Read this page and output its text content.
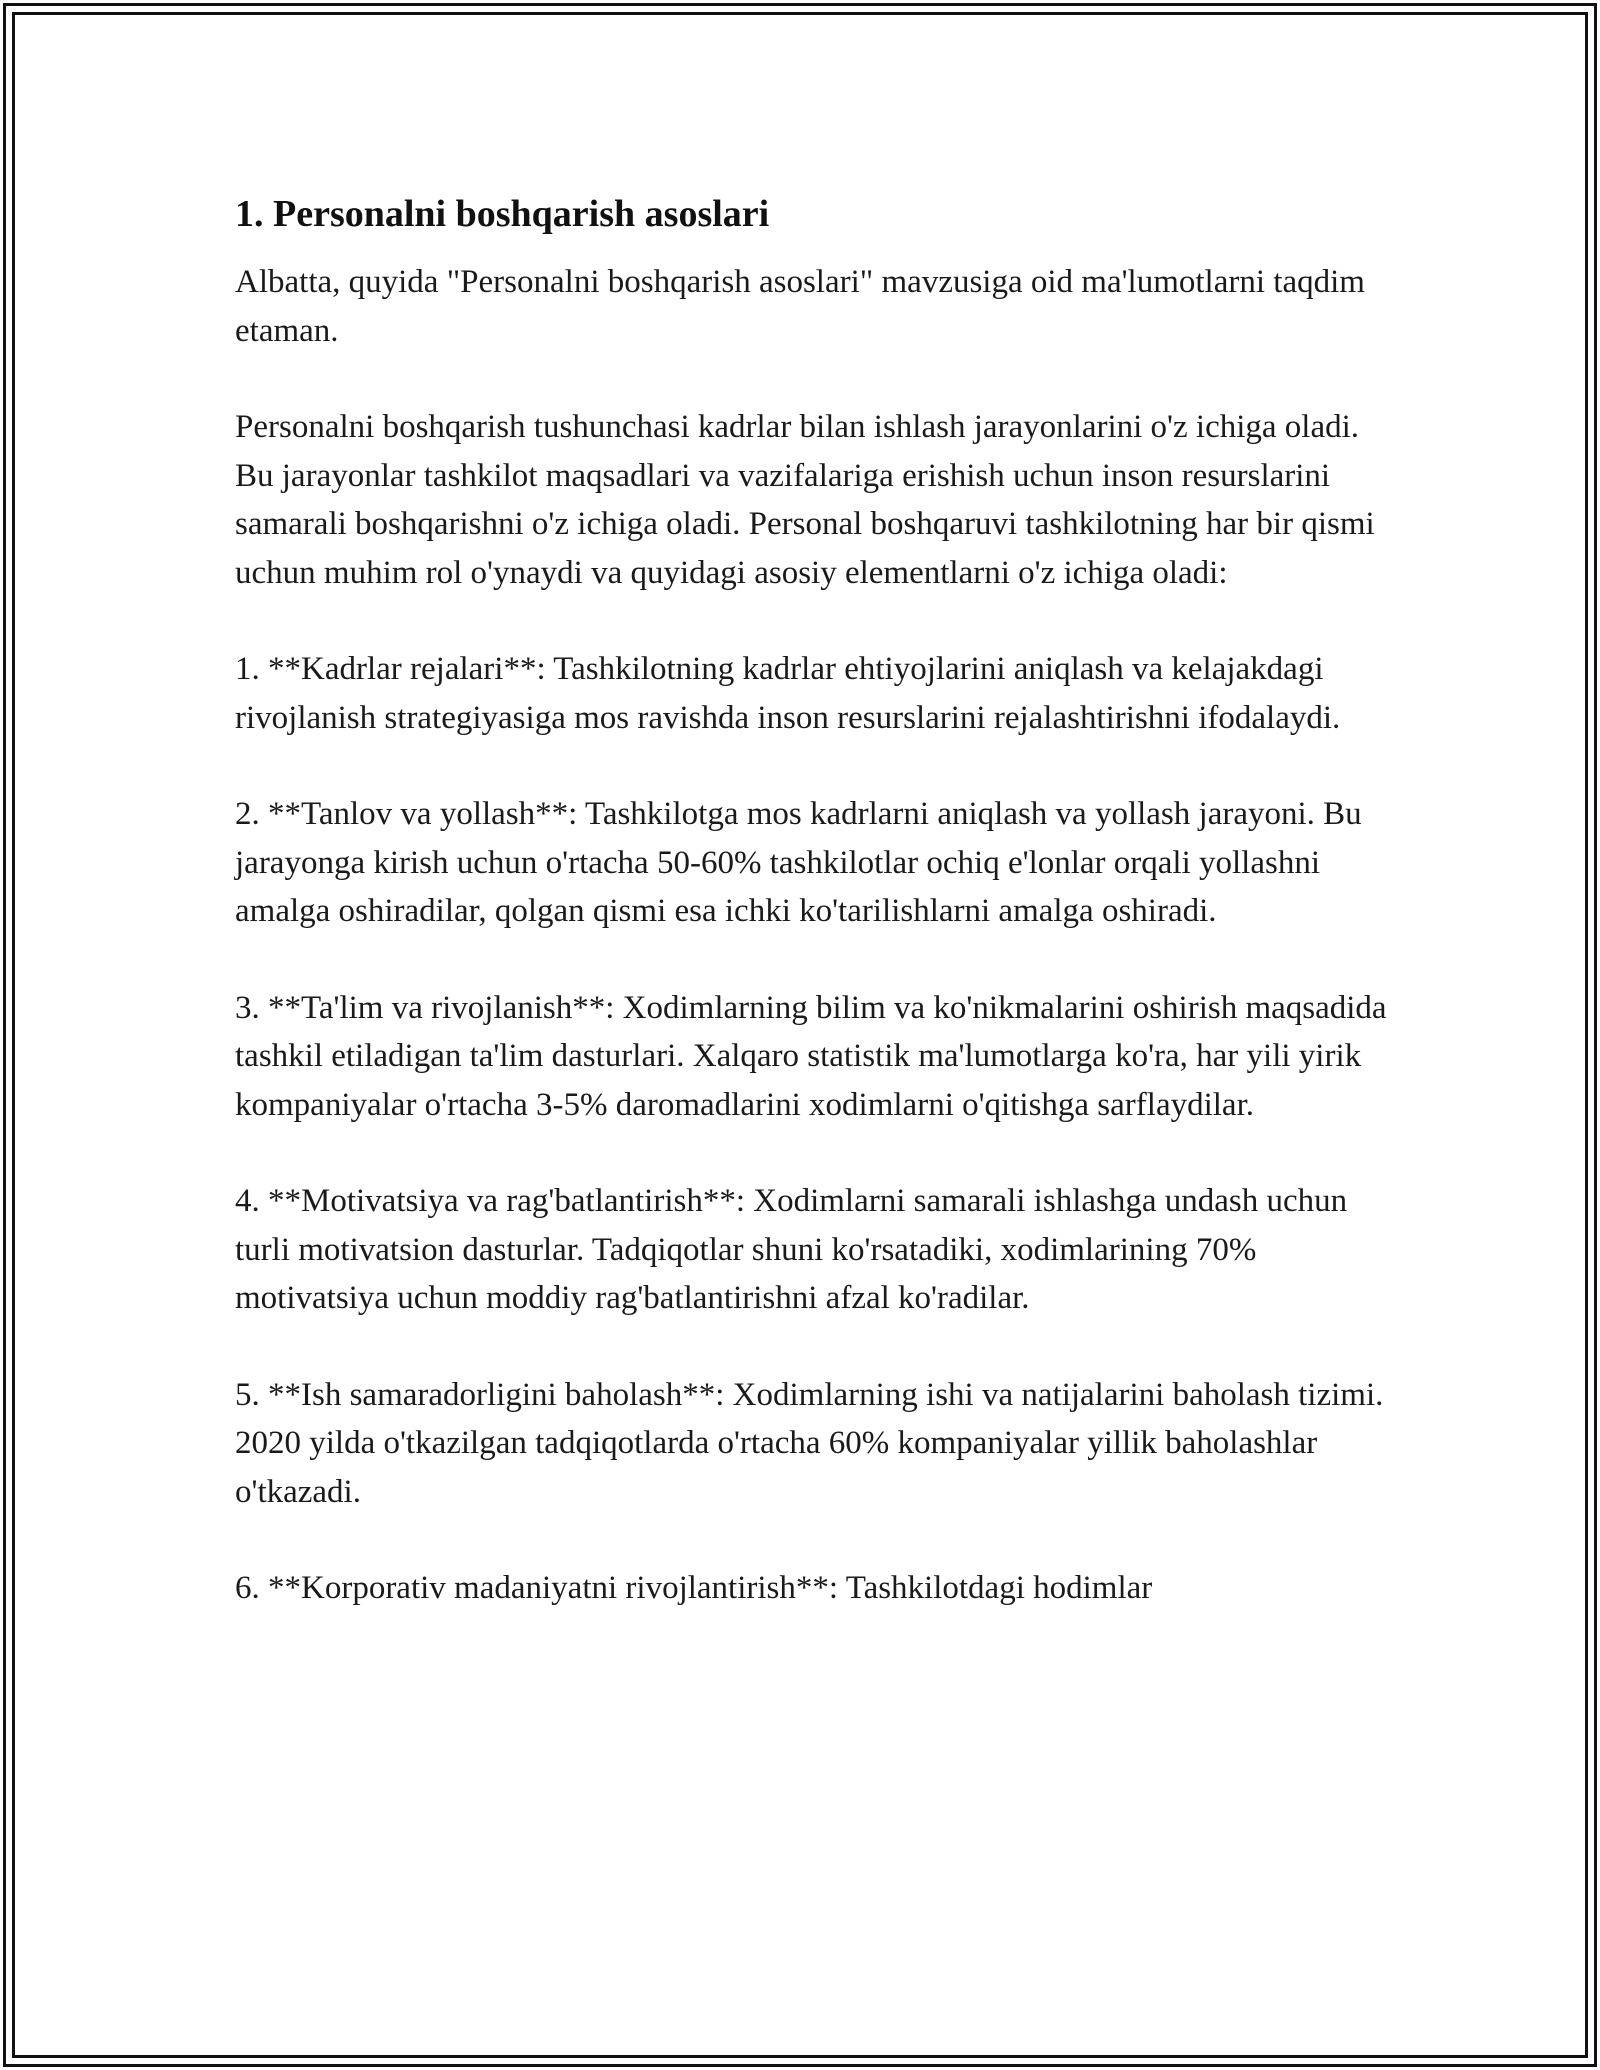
1. Personalni boshqarish asoslari

Albatta, quyida "Personalni boshqarish asoslari" mavzusiga oid ma'lumotlarni taqdim etaman.

Personalni boshqarish tushunchasi kadrlar bilan ishlash jarayonlarini o'z ichiga oladi. Bu jarayonlar tashkilot maqsadlari va vazifalariga erishish uchun inson resurslarini samarali boshqarishni o'z ichiga oladi. Personal boshqaruvi tashkilotning har bir qismi uchun muhim rol o'ynaydi va quyidagi asosiy elementlarni o'z ichiga oladi:

1. **Kadrlar rejalari**: Tashkilotning kadrlar ehtiyojlarini aniqlash va kelajakdagi rivojlanish strategiyasiga mos ravishda inson resurslarini rejalashtirishni ifodalaydi.

2. **Tanlov va yollash**: Tashkilotga mos kadrlarni aniqlash va yollash jarayoni. Bu jarayonga kirish uchun o'rtacha 50-60% tashkilotlar ochiq e'lonlar orqali yollashni amalga oshiradilar, qolgan qismi esa ichki ko'tarilishlarni amalga oshiradi.

3. **Ta'lim va rivojlanish**: Xodimlarning bilim va ko'nikmalarini oshirish maqsadida tashkil etiladigan ta'lim dasturlari. Xalqaro statistik ma'lumotlarga ko'ra, har yili yirik kompaniyalar o'rtacha 3-5% daromadlarini xodimlarni o'qitishga sarflaydilar.

4. **Motivatsiya va rag'batlantirish**: Xodimlarni samarali ishlashga undash uchun turli motivatsion dasturlar. Tadqiqotlar shuni ko'rsatadiki, xodimlarining 70% motivatsiya uchun moddiy rag'batlantirishni afzal ko'radilar.

5. **Ish samaradorligini baholash**: Xodimlarning ishi va natijalarini baholash tizimi. 2020 yilda o'tkazilgan tadqiqotlarda o'rtacha 60% kompaniyalar yillik baholashlar o'tkazadi.

6. **Korporativ madaniyatni rivojlantirish**: Tashkilotdagi hodimlar
